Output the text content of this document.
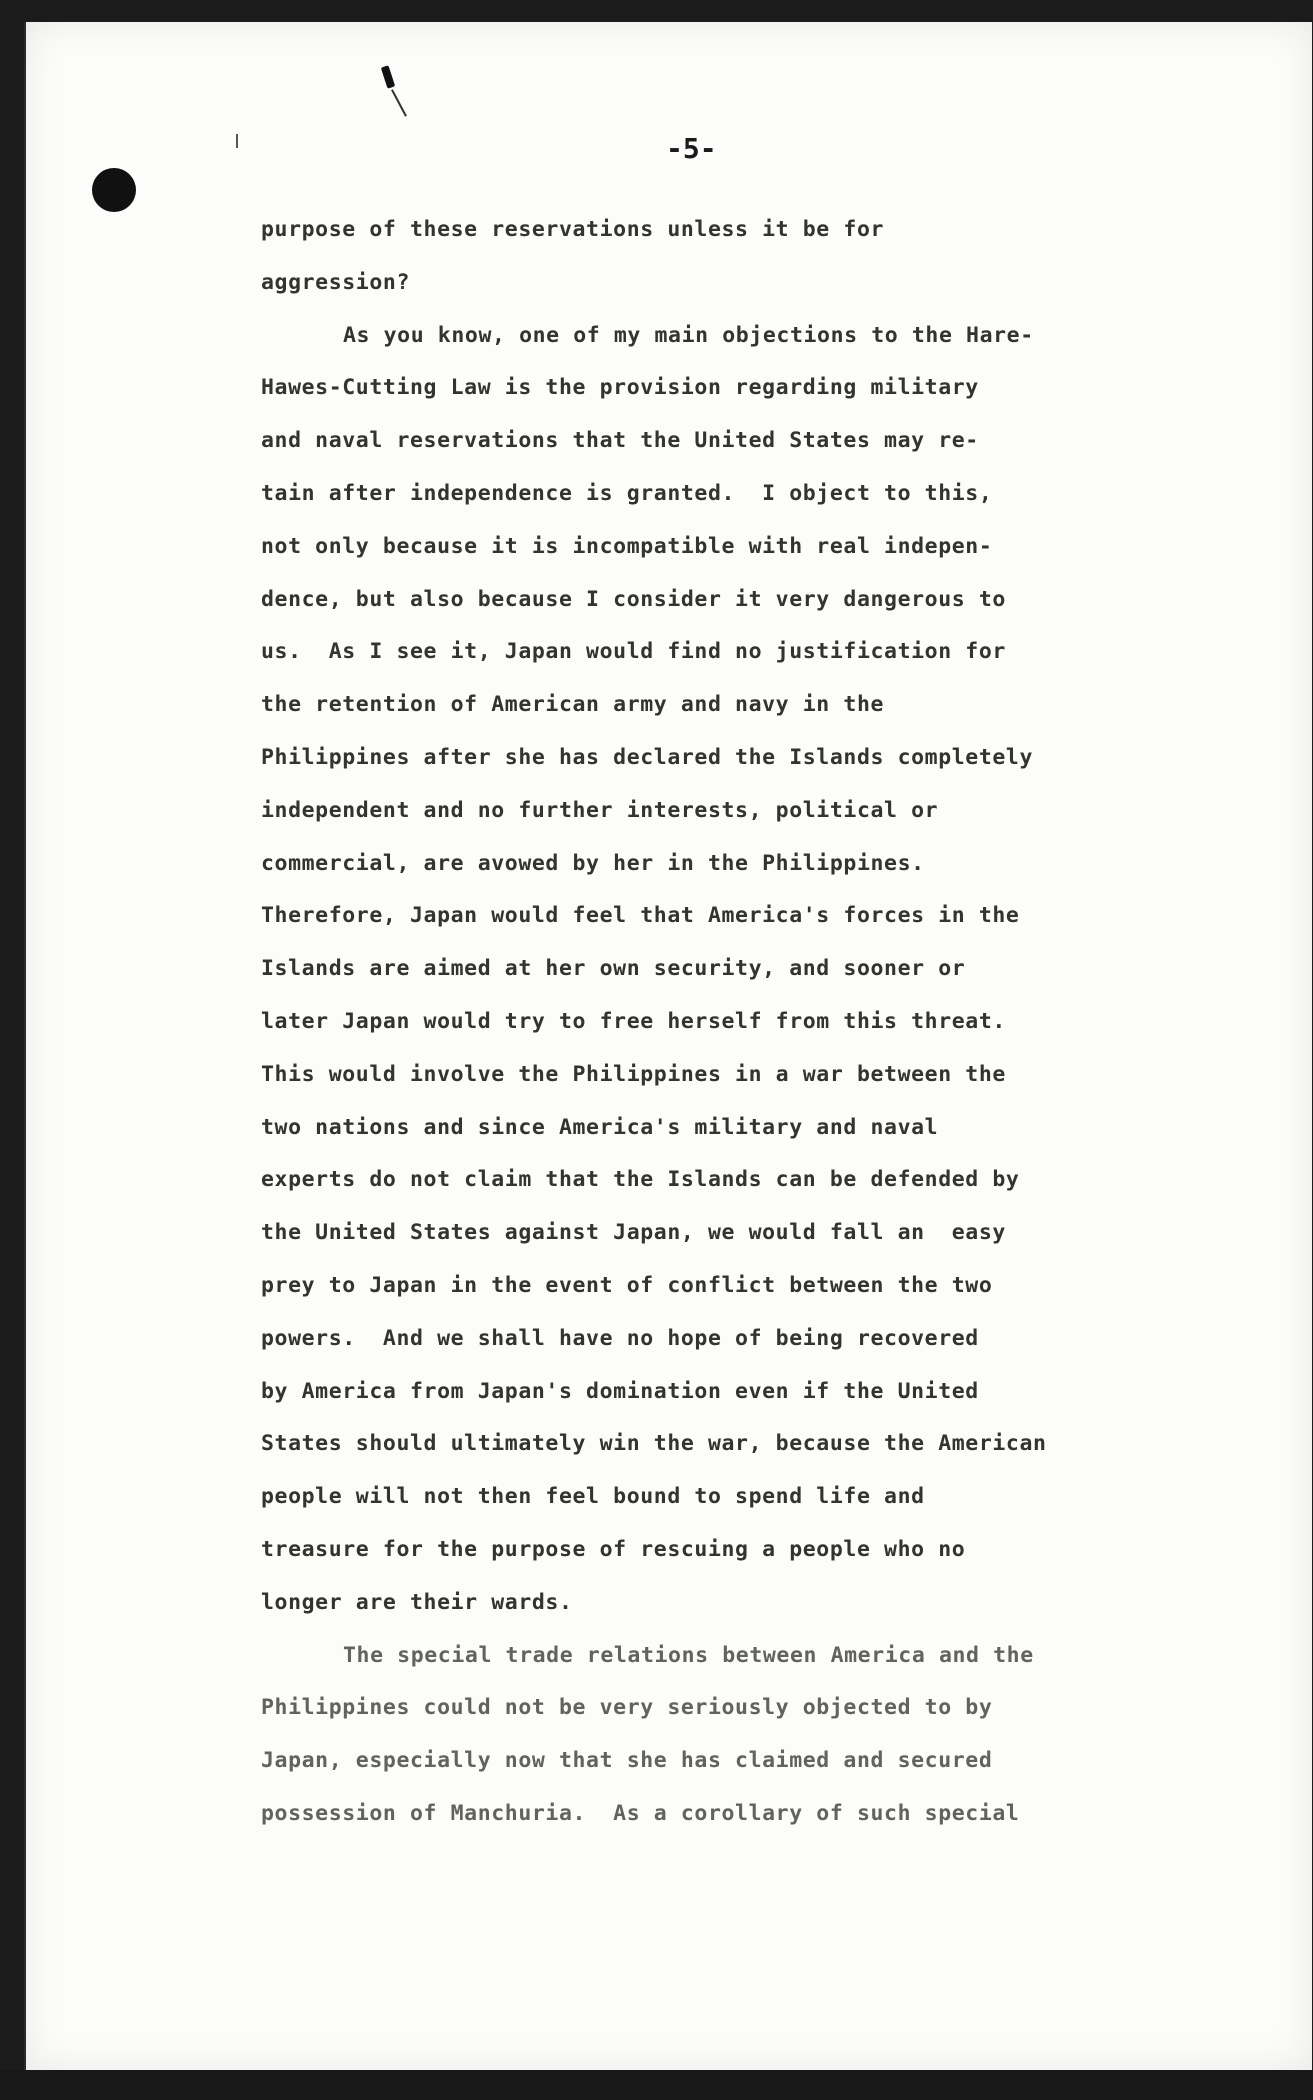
-5-
purpose of these reservations unless it be for
aggression?
As you know, one of my main objections to the Hare-
Hawes-Cutting Law is the provision regarding military
and naval reservations that the United States may re-
tain after independence is granted.  I object to this,
not only because it is incompatible with real indepen-
dence, but also because I consider it very dangerous to
us.  As I see it, Japan would find no justification for
the retention of American army and navy in the
Philippines after she has declared the Islands completely
independent and no further interests, political or
commercial, are avowed by her in the Philippines.
Therefore, Japan would feel that America's forces in the
Islands are aimed at her own security, and sooner or
later Japan would try to free herself from this threat.
This would involve the Philippines in a war between the
two nations and since America's military and naval
experts do not claim that the Islands can be defended by
the United States against Japan, we would fall an  easy
prey to Japan in the event of conflict between the two
powers.  And we shall have no hope of being recovered
by America from Japan's domination even if the United
States should ultimately win the war, because the American
people will not then feel bound to spend life and
treasure for the purpose of rescuing a people who no
longer are their wards.
The special trade relations between America and the
Philippines could not be very seriously objected to by
Japan, especially now that she has claimed and secured
possession of Manchuria.  As a corollary of such special
